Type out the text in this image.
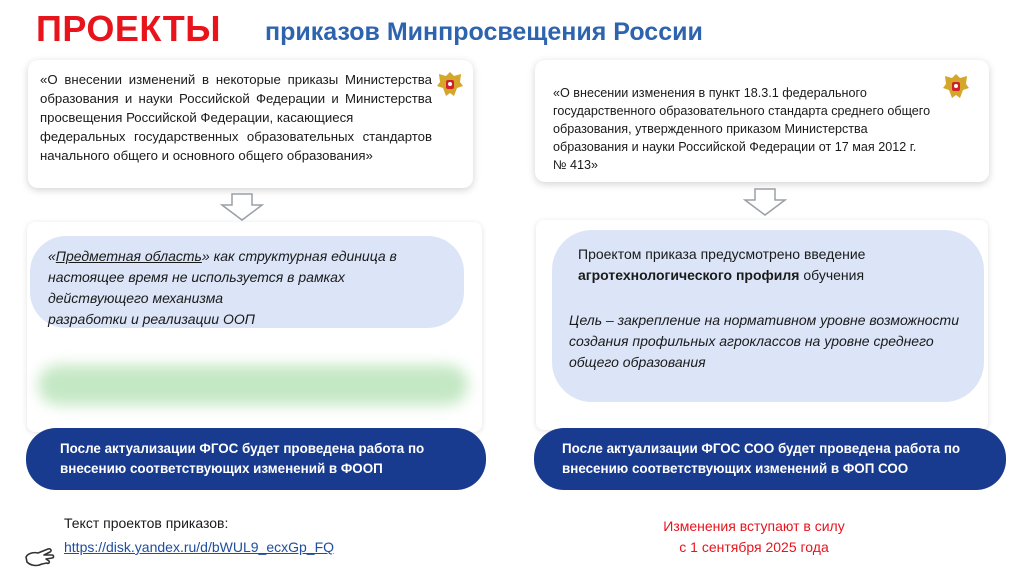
ПРОЕКТЫ приказов Минпросвещения России
«О внесении изменений в некоторые приказы Министерства образования и науки Российской Федерации и Министерства просвещения Российской Федерации, касающиеся
федеральных государственных образовательных стандартов начального общего и основного общего образования»
«О внесении изменения в пункт 18.3.1 федерального государственного образовательного стандарта среднего общего образования, утвержденного приказом Министерства образования и науки Российской Федерации от 17 мая 2012 г. № 413»
«Предметная область» как структурная единица в настоящее время не используется в рамках действующего механизма
разработки и реализации ООП
Проектом приказа предусмотрено введение
агротехнологического профиля обучения
Цель – закрепление на нормативном уровне возможности
создания профильных агроклассов на уровне среднего общего образования
После актуализации ФГОС будет проведена работа по внесению соответствующих изменений в ФООП
После актуализации ФГОС СОО будет проведена работа по внесению соответствующих изменений в ФОП СОО
Текст проектов приказов:
https://disk.yandex.ru/d/bWUL9_ecxGp_FQ
Изменения вступают в силу
с 1 сентября 2025 года
